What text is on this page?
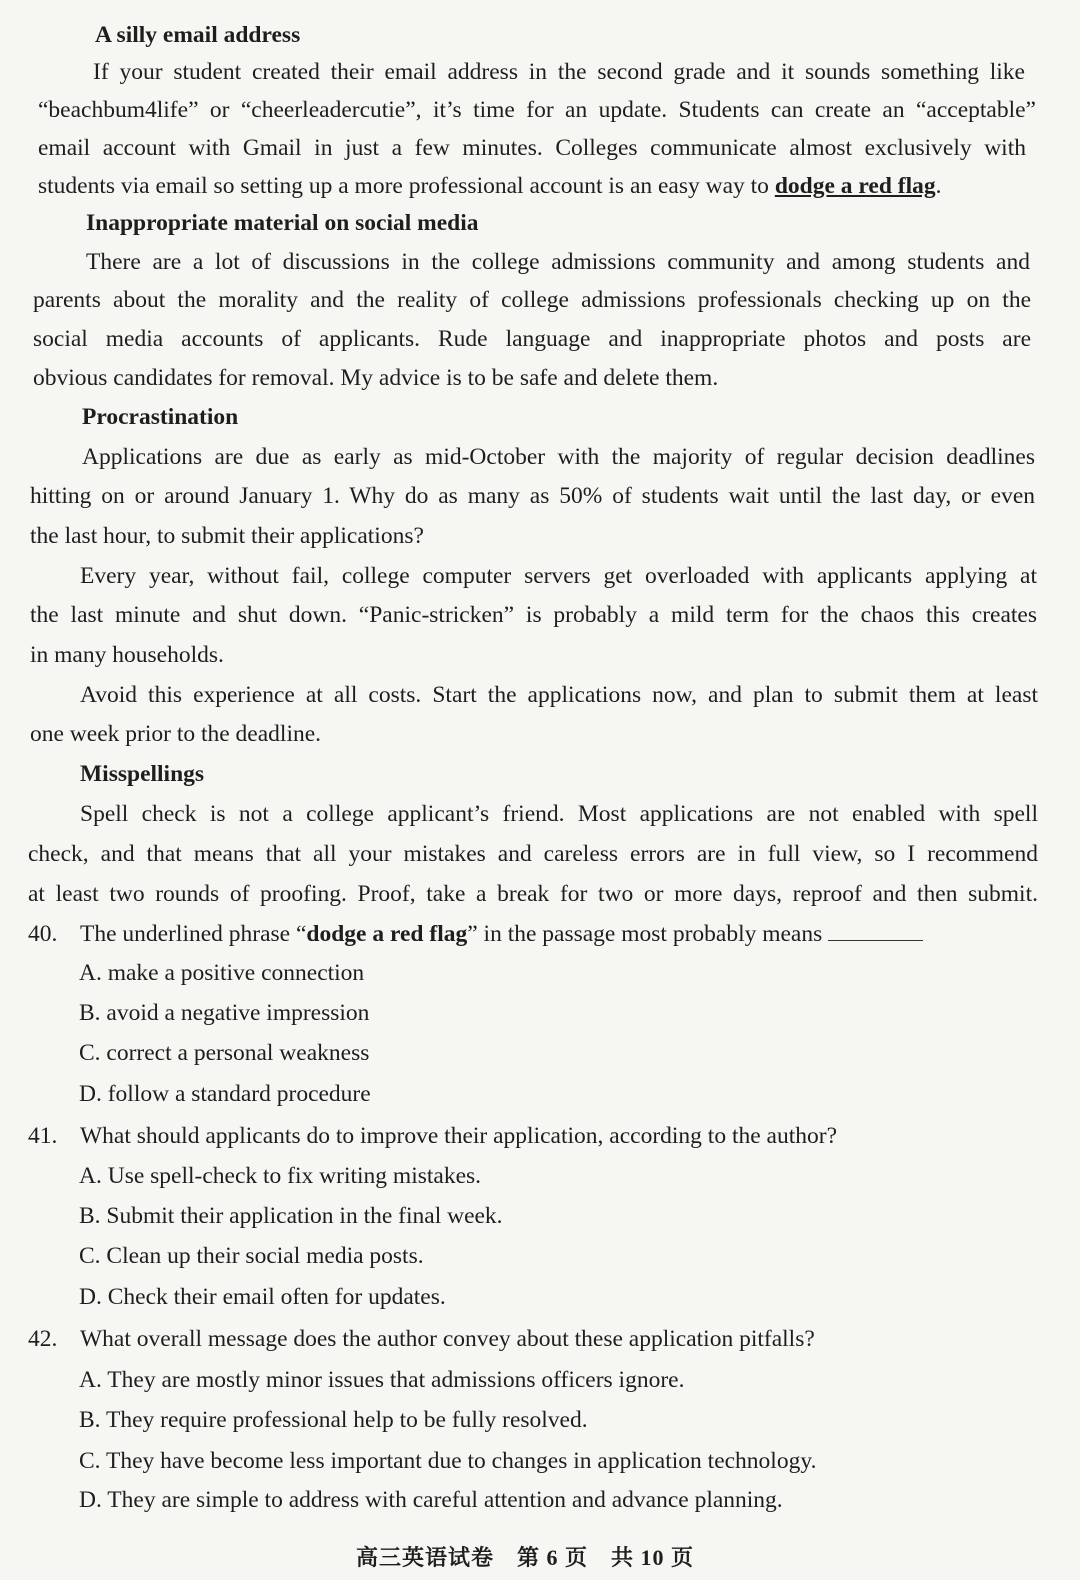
A silly email address
If your student created their email address in the second grade and it sounds something like
“beachbum4life” or “cheerleadercutie”, it’s time for an update. Students can create an “acceptable”
email account with Gmail in just a few minutes. Colleges communicate almost exclusively with
students via email so setting up a more professional account is an easy way to dodge a red flag.
Inappropriate material on social media
There are a lot of discussions in the college admissions community and among students and
parents about the morality and the reality of college admissions professionals checking up on the
social media accounts of applicants. Rude language and inappropriate photos and posts are
obvious candidates for removal. My advice is to be safe and delete them.
Procrastination
Applications are due as early as mid-October with the majority of regular decision deadlines
hitting on or around January 1. Why do as many as 50% of students wait until the last day, or even
the last hour, to submit their applications?
Every year, without fail, college computer servers get overloaded with applicants applying at
the last minute and shut down. “Panic-stricken” is probably a mild term for the chaos this creates
in many households.
Avoid this experience at all costs. Start the applications now, and plan to submit them at least
one week prior to the deadline.
Misspellings
Spell check is not a college applicant’s friend. Most applications are not enabled with spell
check, and that means that all your mistakes and careless errors are in full view, so I recommend
at least two rounds of proofing. Proof, take a break for two or more days, reproof and then submit.
40. The underlined phrase “dodge a red flag” in the passage most probably means
A. make a positive connection
B. avoid a negative impression
C. correct a personal weakness
D. follow a standard procedure
41. What should applicants do to improve their application, according to the author?
A. Use spell-check to fix writing mistakes.
B. Submit their application in the final week.
C. Clean up their social media posts.
D. Check their email often for updates.
42. What overall message does the author convey about these application pitfalls?
A. They are mostly minor issues that admissions officers ignore.
B. They require professional help to be fully resolved.
C. They have become less important due to changes in application technology.
D. They are simple to address with careful attention and advance planning.
高三英语试卷　第 6 页　共 10 页
